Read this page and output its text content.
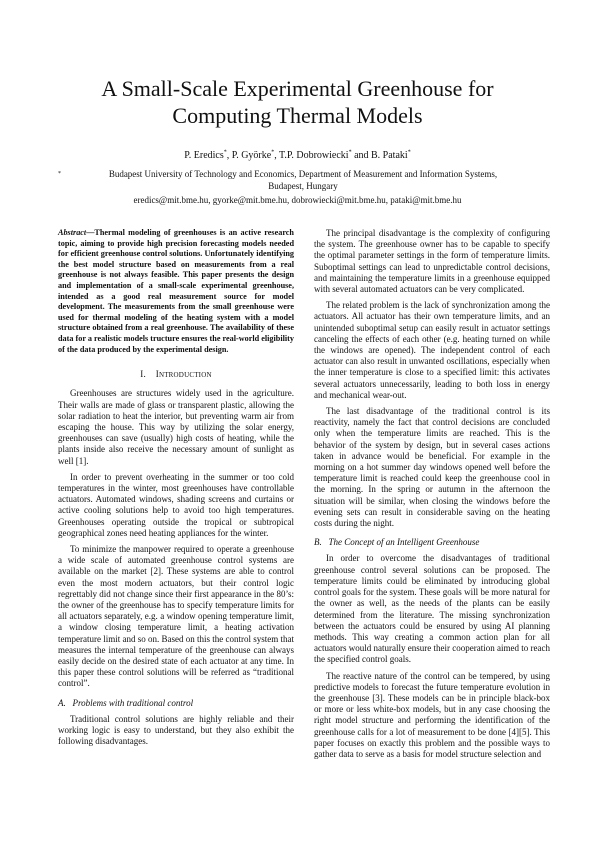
A Small-Scale Experimental Greenhouse for
Computing Thermal Models
P. Eredics*, P. Györke*, T.P. Dobrowiecki* and B. Pataki*
*	Budapest University of Technology and Economics, Department of Measurement and Information Systems,
Budapest, Hungary
eredics@mit.bme.hu, gyorke@mit.bme.hu, dobrowiecki@mit.bme.hu, pataki@mit.bme.hu

Abstract—Thermal modeling of greenhouses is an active research topic, aiming to provide high precision forecasting models needed for efficient greenhouse control solutions. Unfortunately identifying the best model structure based on measurements from a real greenhouse is not always feasible. This paper presents the design and implementation of a small-scale experimental greenhouse, intended as a good real measurement source for model development. The measurements from the small greenhouse were used for thermal modeling of the heating system with a model structure obtained from a real greenhouse. The availability of these data for a realistic models tructure ensures the real-world eligibility of the data produced by the experimental design.

I. INTRODUCTION

Greenhouses are structures widely used in the agriculture. Their walls are made of glass or transparent plastic, allowing the solar radiation to heat the interior, but preventing warm air from escaping the house. This way by utilizing the solar energy, greenhouses can save (usually) high costs of heating, while the plants inside also receive the necessary amount of sunlight as well [1].

In order to prevent overheating in the summer or too cold temperatures in the winter, most greenhouses have controllable actuators. Automated windows, shading screens and curtains or active cooling solutions help to avoid too high temperatures. Greenhouses operating outside the tropical or subtropical geographical zones need heating appliances for the winter.

To minimize the manpower required to operate a greenhouse a wide scale of automated greenhouse control systems are available on the market [2]. These systems are able to control even the most modern actuators, but their control logic regrettably did not change since their first appearance in the 80’s: the owner of the greenhouse has to specify temperature limits for all actuators separately, e.g. a window opening temperature limit, a window closing temperature limit, a heating activation temperature limit and so on. Based on this the control system that measures the internal temperature of the greenhouse can always easily decide on the desired state of each actuator at any time. In this paper these control solutions will be referred as “traditional control”.

A. Problems with traditional control

Traditional control solutions are highly reliable and their working logic is easy to understand, but they also exhibit the following disadvantages.

The principal disadvantage is the complexity of configuring the system. The greenhouse owner has to be capable to specify the optimal parameter settings in the form of temperature limits. Suboptimal settings can lead to unpredictable control decisions, and maintaining the temperature limits in a greenhouse equipped with several automated actuators can be very complicated.

The related problem is the lack of synchronization among the actuators. All actuator has their own temperature limits, and an unintended suboptimal setup can easily result in actuator settings canceling the effects of each other (e.g. heating turned on while the windows are opened). The independent control of each actuator can also result in unwanted oscillations, especially when the inner temperature is close to a specified limit: this activates several actuators unnecessarily, leading to both loss in energy and mechanical wear-out.

The last disadvantage of the traditional control is its reactivity, namely the fact that control decisions are concluded only when the temperature limits are reached. This is the behavior of the system by design, but in several cases actions taken in advance would be beneficial. For example in the morning on a hot summer day windows opened well before the temperature limit is reached could keep the greenhouse cool in the morning. In the spring or autumn in the afternoon the situation will be similar, when closing the windows before the evening sets can result in considerable saving on the heating costs during the night.

B. The Concept of an Intelligent Greenhouse

In order to overcome the disadvantages of traditional greenhouse control several solutions can be proposed. The temperature limits could be eliminated by introducing global control goals for the system. These goals will be more natural for the owner as well, as the needs of the plants can be easily determined from the literature. The missing synchronization between the actuators could be ensured by using AI planning methods. This way creating a common action plan for all actuators would naturally ensure their cooperation aimed to reach the specified control goals.

The reactive nature of the control can be tempered, by using predictive models to forecast the future temperature evolution in the greenhouse [3]. These models can be in principle black-box or more or less white-box models, but in any case choosing the right model structure and performing the identification of the greenhouse calls for a lot of measurement to be done [4][5]. This paper focuses on exactly this problem and the possible ways to gather data to serve as a basis for model structure selection and
